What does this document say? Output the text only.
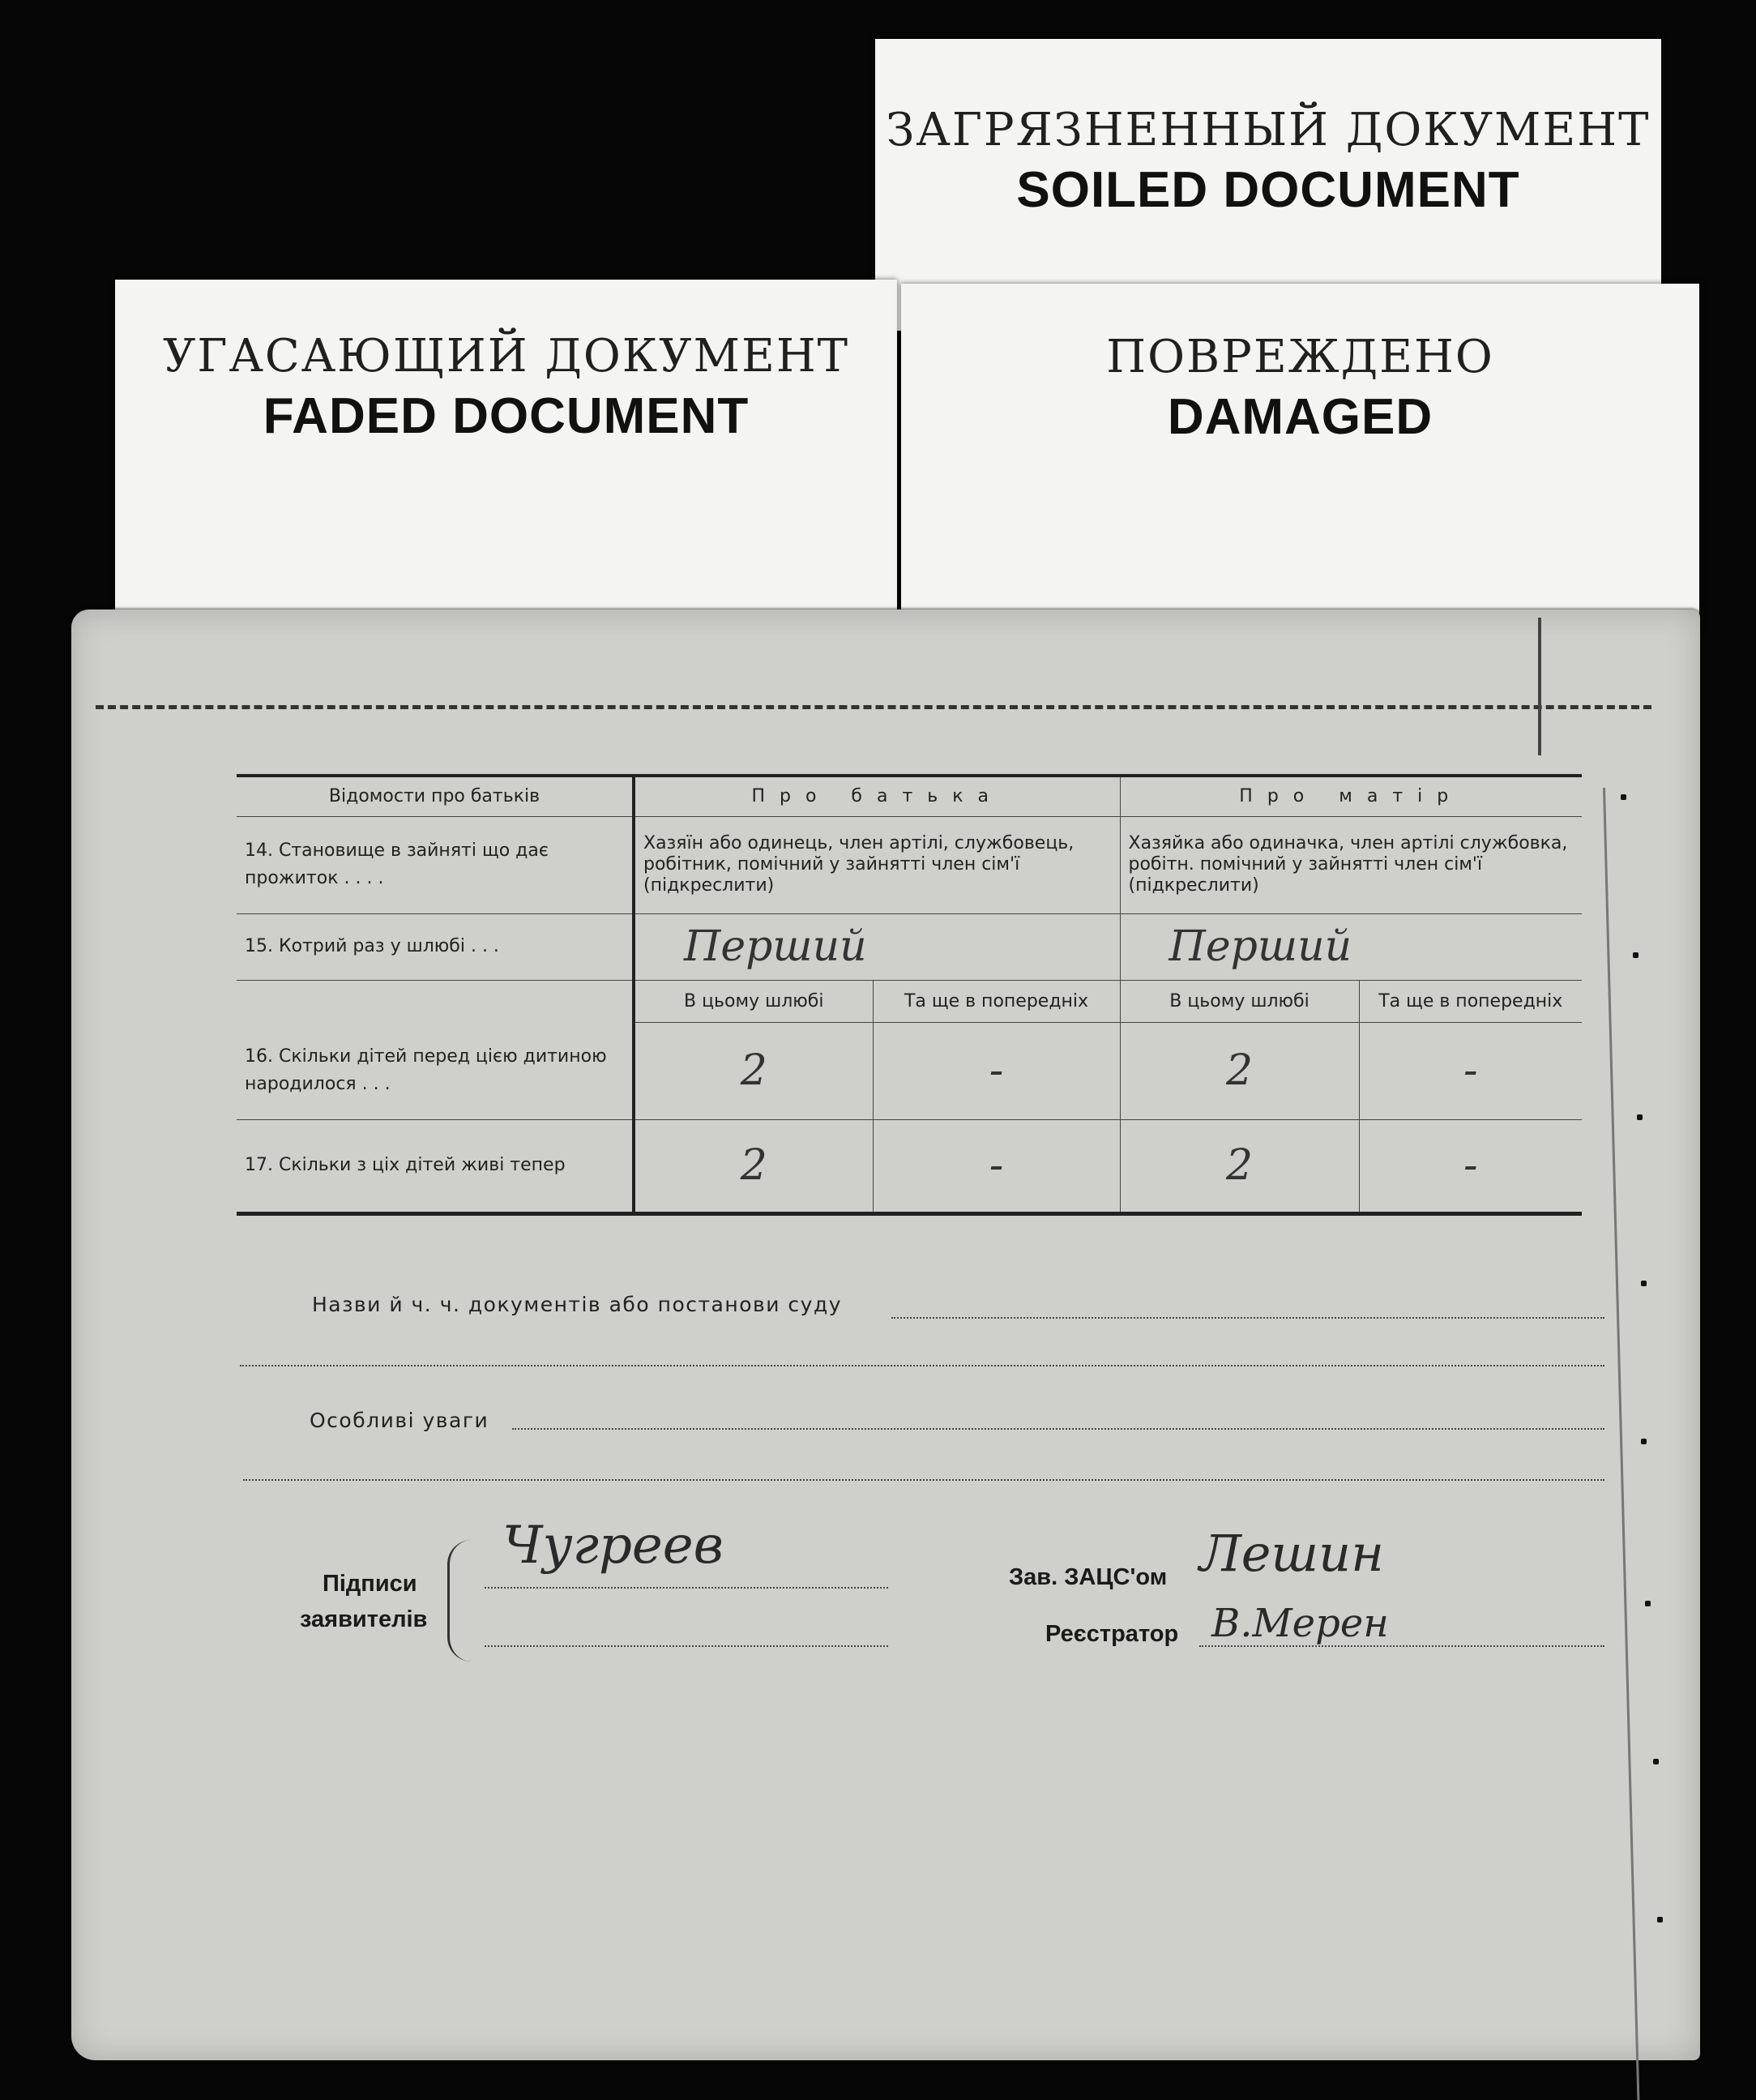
ЗАГРЯЗНЕННЫЙ ДОКУМЕНТ
SOILED DOCUMENT
УГАСАЮЩИЙ ДОКУМЕНТ
FADED DOCUMENT
ПОВРЕЖДЕНО
DAMAGED
Відомости про батьків	Про батька		Про матір	
14. Становище в зайняті що дає прожиток . . . .	Хазяїн або одинець, член артілі, службовець, робітник, помічний у зайнятті член сім'ї (підкреслити)		Хазяйка або одиначка, член артілі службовка, робітн. помічний у зайнятті член сім'ї (підкреслити)	
15. Котрий раз у шлюбі . . .	Перший		Перший	
	В цьому шлюбі	Та ще в попередніх	В цьому шлюбі	Та ще в попередніх
16. Скільки дітей перед цією дитиною народилося . . .	2	-	2	-
17. Скільки з ціх дітей живі тепер	2	-	2	-
Назви й ч. ч. документів або постанови суду
Особливі уваги
Підписи
заявителів
Чугреев
Зав. ЗАЦС'ом Лешин
Реєстратор В.Мерен
